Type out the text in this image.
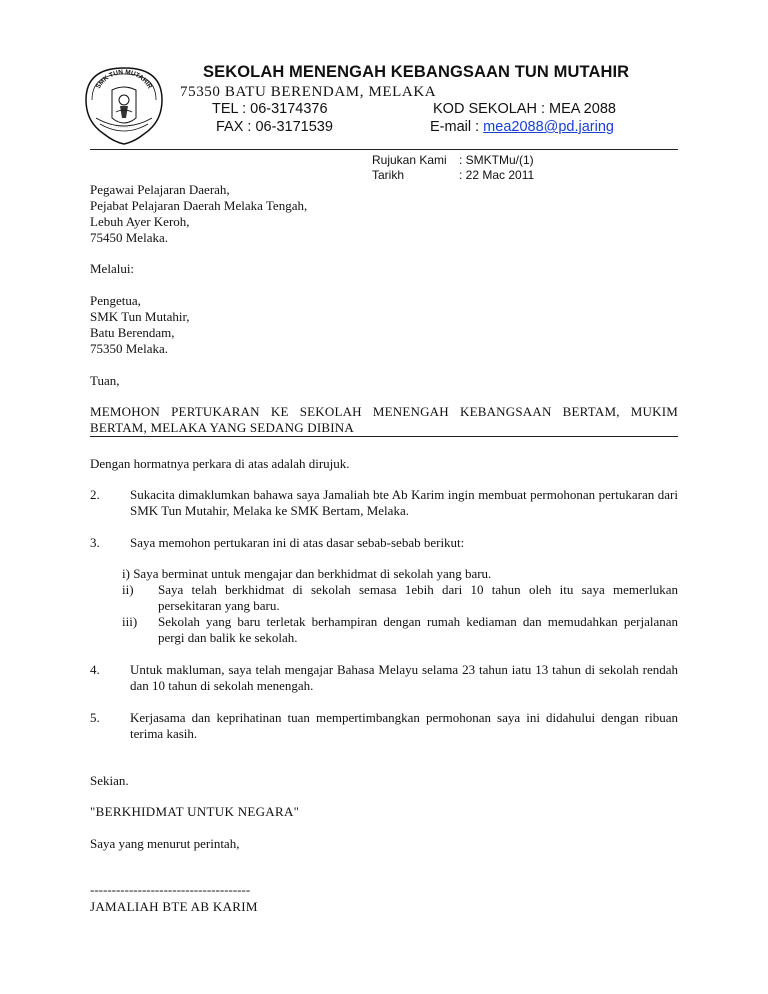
SMK TUN MUTAHIR
. . . . . . . .
SEKOLAH MENENGAH KEBANGSAAN TUN MUTAHIR
75350 BATU BERENDAM, MELAKA
TEL : 06-3174376
FAX : 06-3171539
KOD SEKOLAH : MEA 2088
E-mail : mea2088@pd.jaring
Rujukan Kami : SMKTMu/(1)
Tarikh	: 22 Mac 2011
Pegawai Pelajaran Daerah,
Pejabat Pelajaran Daerah Melaka Tengah,
Lebuh Ayer Keroh,
75450 Melaka.
Melalui:
Pengetua,
SMK Tun Mutahir,
Batu Berendam,
75350 Melaka.
Tuan,
MEMOHON PERTUKARAN KE SEKOLAH MENENGAH KEBANGSAAN BERTAM, MUKIM BERTAM, MELAKA YANG SEDANG DIBINA
Dengan hormatnya perkara di atas adalah dirujuk.
2. Sukacita dimaklumkan bahawa saya Jamaliah bte Ab Karim ingin membuat permohonan pertukaran dari SMK Tun Mutahir, Melaka ke SMK Bertam, Melaka.
3. Saya memohon pertukaran ini di atas dasar sebab-sebab berikut:
i) Saya berminat untuk mengajar dan berkhidmat di sekolah yang baru.
ii) Saya telah berkhidmat di sekolah semasa 1ebih dari 10 tahun oleh itu saya memerlukan persekitaran yang baru.
iii) Sekolah yang baru terletak berhampiran dengan rumah kediaman dan memudahkan perjalanan pergi dan balik ke sekolah.
4. Untuk makluman, saya telah mengajar Bahasa Melayu selama 23 tahun iatu 13 tahun di sekolah rendah dan 10 tahun di sekolah menengah.
5. Kerjasama dan keprihatinan tuan mempertimbangkan permohonan saya ini didahului dengan ribuan terima kasih.
Sekian.
"BERKHIDMAT UNTUK NEGARA"
Saya yang menurut perintah,
-------------------------------------
JAMALIAH BTE AB KARIM
